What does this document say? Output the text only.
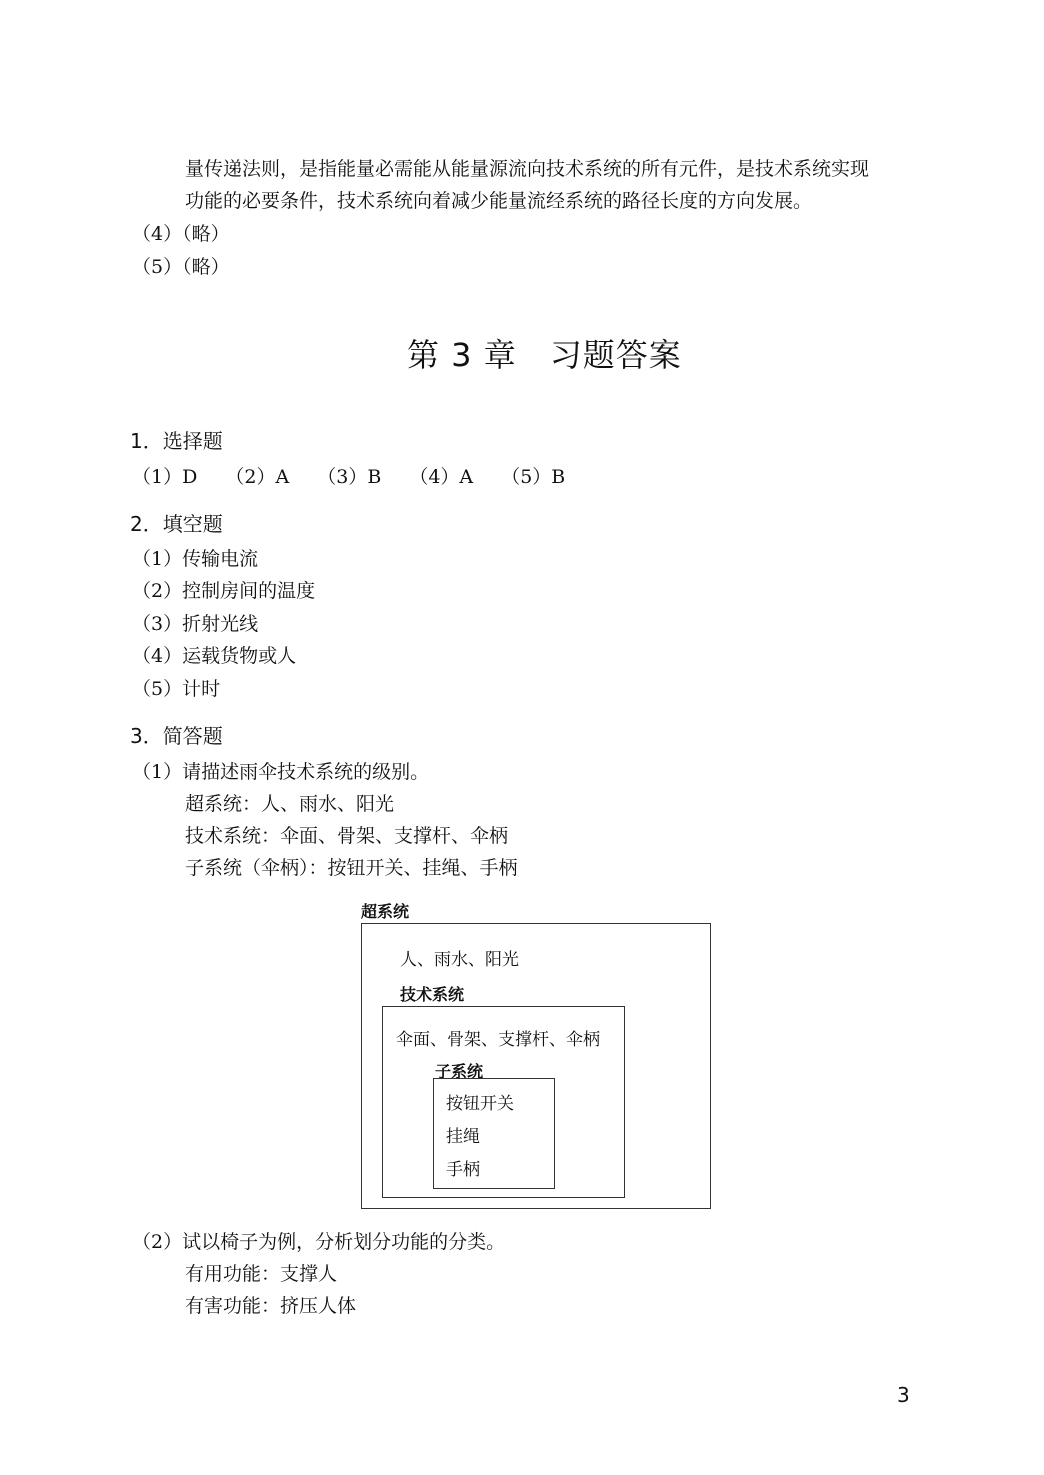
量传递法则，是指能量必需能从能量源流向技术系统的所有元件，是技术系统实现
功能的必要条件，技术系统向着减少能量流经系统的路径长度的方向发展。
（4）（略）
（5）（略）
第 3 章　习题答案
1．选择题
（1）D （2）A （3）B （4）A （5）B
2．填空题
（1）传输电流
（2）控制房间的温度
（3）折射光线
（4）运载货物或人
（5）计时
3．简答题
（1）请描述雨伞技术系统的级别。
超系统：人、雨水、阳光
技术系统：伞面、骨架、支撑杆、伞柄
子系统（伞柄）：按钮开关、挂绳、手柄
超系统
人、雨水、阳光
技术系统
伞面、骨架、支撑杆、伞柄
子系统
按钮开关
挂绳
手柄
（2）试以椅子为例，分析划分功能的分类。
有用功能：支撑人
有害功能：挤压人体
3
